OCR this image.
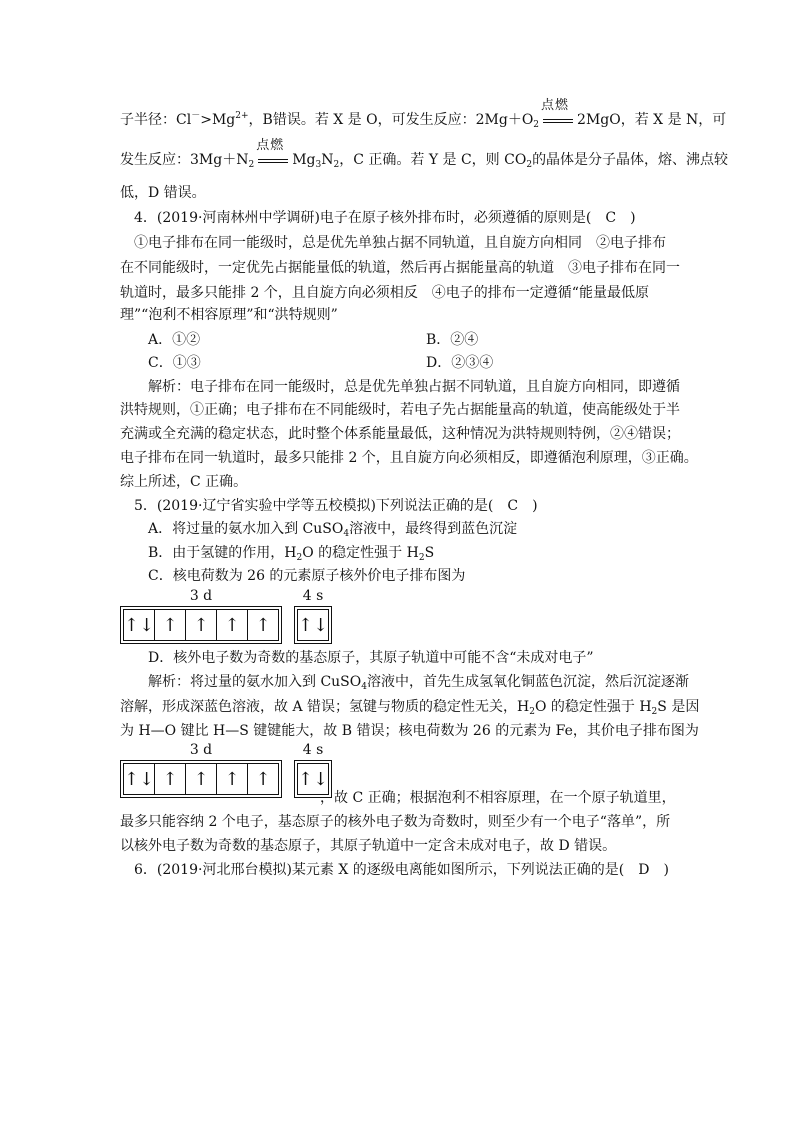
子半径：$Cl^->Mg^{2+}$，B错误。若 X 是 O，可发生反应：$2Mg+O_2$
点燃
2MgO，若 X 是 N，可
发生反应：$3Mg+N_2$
点燃
$Mg_3N_2$，C 正确。若 Y 是 C，则 $CO_2$的晶体是分子晶体，熔、沸点较
低，D 错误。
4．(2019·河南林州中学调研)电子在原子核外排布时，必须遵循的原则是(　C　)
①电子排布在同一能级时，总是优先单独占据不同轨道，且自旋方向相同　②电子排布
在不同能级时，一定优先占据能量低的轨道，然后再占据能量高的轨道　③电子排布在同一
轨道时，最多只能排 2 个，且自旋方向必须相反　④电子的排布一定遵循“能量最低原
理”“泡利不相容原理”和“洪特规则”
A．①②	B．②④
C．①③	D．②③④
解析：电子排布在同一能级时，总是优先单独占据不同轨道，且自旋方向相同，即遵循
洪特规则，①正确；电子排布在不同能级时，若电子先占据能量高的轨道，使高能级处于半
充满或全充满的稳定状态，此时整个体系能量最低，这种情况为洪特规则特例，②④错误；
电子排布在同一轨道时，最多只能排 2 个，且自旋方向必须相反，即遵循泡利原理，③正确。
综上所述，C 正确。
5．(2019·辽宁省实验中学等五校模拟)下列说法正确的是(　C　)
A．将过量的氨水加入到 CuSO$_4$溶液中，最终得到蓝色沉淀
B．由于氢键的作用，$H_2O$ 的稳定性强于 $H_2S$
C．核电荷数为 26 的元素原子核外价电子排布图为
3 d
↑↓ ↑ ↑ ↑ ↑
4 s
↑↓
D．核外电子数为奇数的基态原子，其原子轨道中可能不含“未成对电子”
解析：将过量的氨水加入到 CuSO$_4$溶液中，首先生成氢氧化铜蓝色沉淀，然后沉淀逐渐
溶解，形成深蓝色溶液，故 A 错误；氢键与物质的稳定性无关，$H_2O$ 的稳定性强于 $H_2S$ 是因
为 H—O 键比 H—S 键键能大，故 B 错误；核电荷数为 26 的元素为 Fe，其价电子排布图为
3 d
↑↓ ↑ ↑ ↑ ↑
4 s
↑↓
，故 C 正确；根据泡利不相容原理，在一个原子轨道里，
最多只能容纳 2 个电子，基态原子的核外电子数为奇数时，则至少有一个电子“落单”，所
以核外电子数为奇数的基态原子，其原子轨道中一定含未成对电子，故 D 错误。
6．(2019·河北邢台模拟)某元素 X 的逐级电离能如图所示，下列说法正确的是(　D　)
